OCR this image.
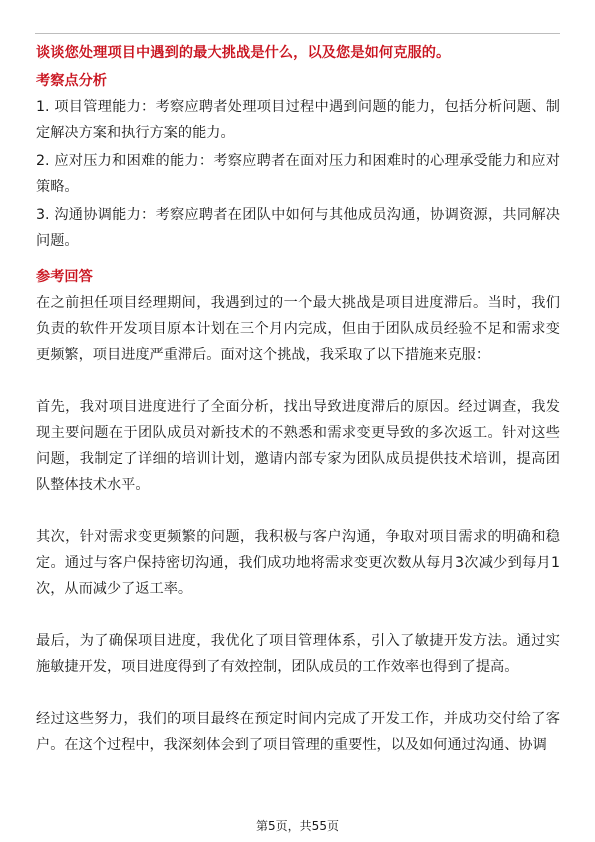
谈谈您处理项目中遇到的最大挑战是什么，以及您是如何克服的。

考察点分析

1. 项目管理能力：考察应聘者处理项目过程中遇到问题的能力，包括分析问题、制定解决方案和执行方案的能力。

2. 应对压力和困难的能力：考察应聘者在面对压力和困难时的心理承受能力和应对策略。

3. 沟通协调能力：考察应聘者在团队中如何与其他成员沟通，协调资源，共同解决问题。

参考回答

在之前担任项目经理期间，我遇到过的一个最大挑战是项目进度滞后。当时，我们负责的软件开发项目原本计划在三个月内完成，但由于团队成员经验不足和需求变更频繁，项目进度严重滞后。面对这个挑战，我采取了以下措施来克服：

首先，我对项目进度进行了全面分析，找出导致进度滞后的原因。经过调查，我发现主要问题在于团队成员对新技术的不熟悉和需求变更导致的多次返工。针对这些问题，我制定了详细的培训计划，邀请内部专家为团队成员提供技术培训，提高团队整体技术水平。

其次，针对需求变更频繁的问题，我积极与客户沟通，争取对项目需求的明确和稳定。通过与客户保持密切沟通，我们成功地将需求变更次数从每月3次减少到每月1次，从而减少了返工率。

最后，为了确保项目进度，我优化了项目管理体系，引入了敏捷开发方法。通过实施敏捷开发，项目进度得到了有效控制，团队成员的工作效率也得到了提高。

经过这些努力，我们的项目最终在预定时间内完成了开发工作，并成功交付给了客户。在这个过程中，我深刻体会到了项目管理的重要性，以及如何通过沟通、协调

第5页，共55页
